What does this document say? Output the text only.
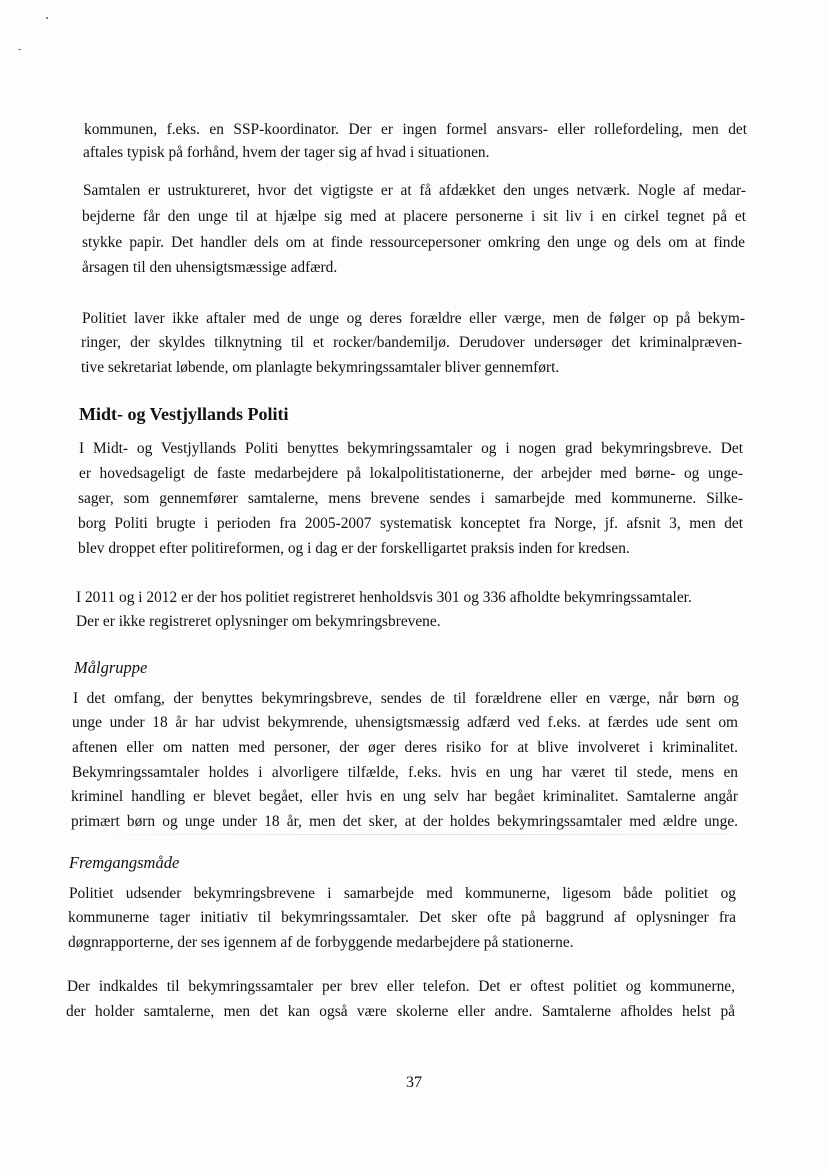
kommunen, f.eks. en SSP-koordinator. Der er ingen formel ansvars- eller rollefordeling, men det
aftales typisk på forhånd, hvem der tager sig af hvad i situationen.
Samtalen er ustruktureret, hvor det vigtigste er at få afdækket den unges netværk. Nogle af medar-
bejderne får den unge til at hjælpe sig med at placere personerne i sit liv i en cirkel tegnet på et
stykke papir. Det handler dels om at finde ressourcepersoner omkring den unge og dels om at finde
årsagen til den uhensigtsmæssige adfærd.
Politiet laver ikke aftaler med de unge og deres forældre eller værge, men de følger op på bekym-
ringer, der skyldes tilknytning til et rocker/bandemiljø. Derudover undersøger det kriminalpræven-
tive sekretariat løbende, om planlagte bekymringssamtaler bliver gennemført.
Midt- og Vestjyllands Politi
I Midt- og Vestjyllands Politi benyttes bekymringssamtaler og i nogen grad bekymringsbreve. Det
er hovedsageligt de faste medarbejdere på lokalpolitistationerne, der arbejder med børne- og unge-
sager, som gennemfører samtalerne, mens brevene sendes i samarbejde med kommunerne. Silke-
borg Politi brugte i perioden fra 2005-2007 systematisk konceptet fra Norge, jf. afsnit 3, men det
blev droppet efter politireformen, og i dag er der forskelligartet praksis inden for kredsen.
I 2011 og i 2012 er der hos politiet registreret henholdsvis 301 og 336 afholdte bekymringssamtaler.
Der er ikke registreret oplysninger om bekymringsbrevene.
Målgruppe
I det omfang, der benyttes bekymringsbreve, sendes de til forældrene eller en værge, når børn og
unge under 18 år har udvist bekymrende, uhensigtsmæssig adfærd ved f.eks. at færdes ude sent om
aftenen eller om natten med personer, der øger deres risiko for at blive involveret i kriminalitet.
Bekymringssamtaler holdes i alvorligere tilfælde, f.eks. hvis en ung har været til stede, mens en
kriminel handling er blevet begået, eller hvis en ung selv har begået kriminalitet. Samtalerne angår
primært børn og unge under 18 år, men det sker, at der holdes bekymringssamtaler med ældre unge.
Fremgangsmåde
Politiet udsender bekymringsbrevene i samarbejde med kommunerne, ligesom både politiet og
kommunerne tager initiativ til bekymringssamtaler. Det sker ofte på baggrund af oplysninger fra
døgnrapporterne, der ses igennem af de forbyggende medarbejdere på stationerne.
Der indkaldes til bekymringssamtaler per brev eller telefon. Det er oftest politiet og kommunerne,
der holder samtalerne, men det kan også være skolerne eller andre. Samtalerne afholdes helst på
37
